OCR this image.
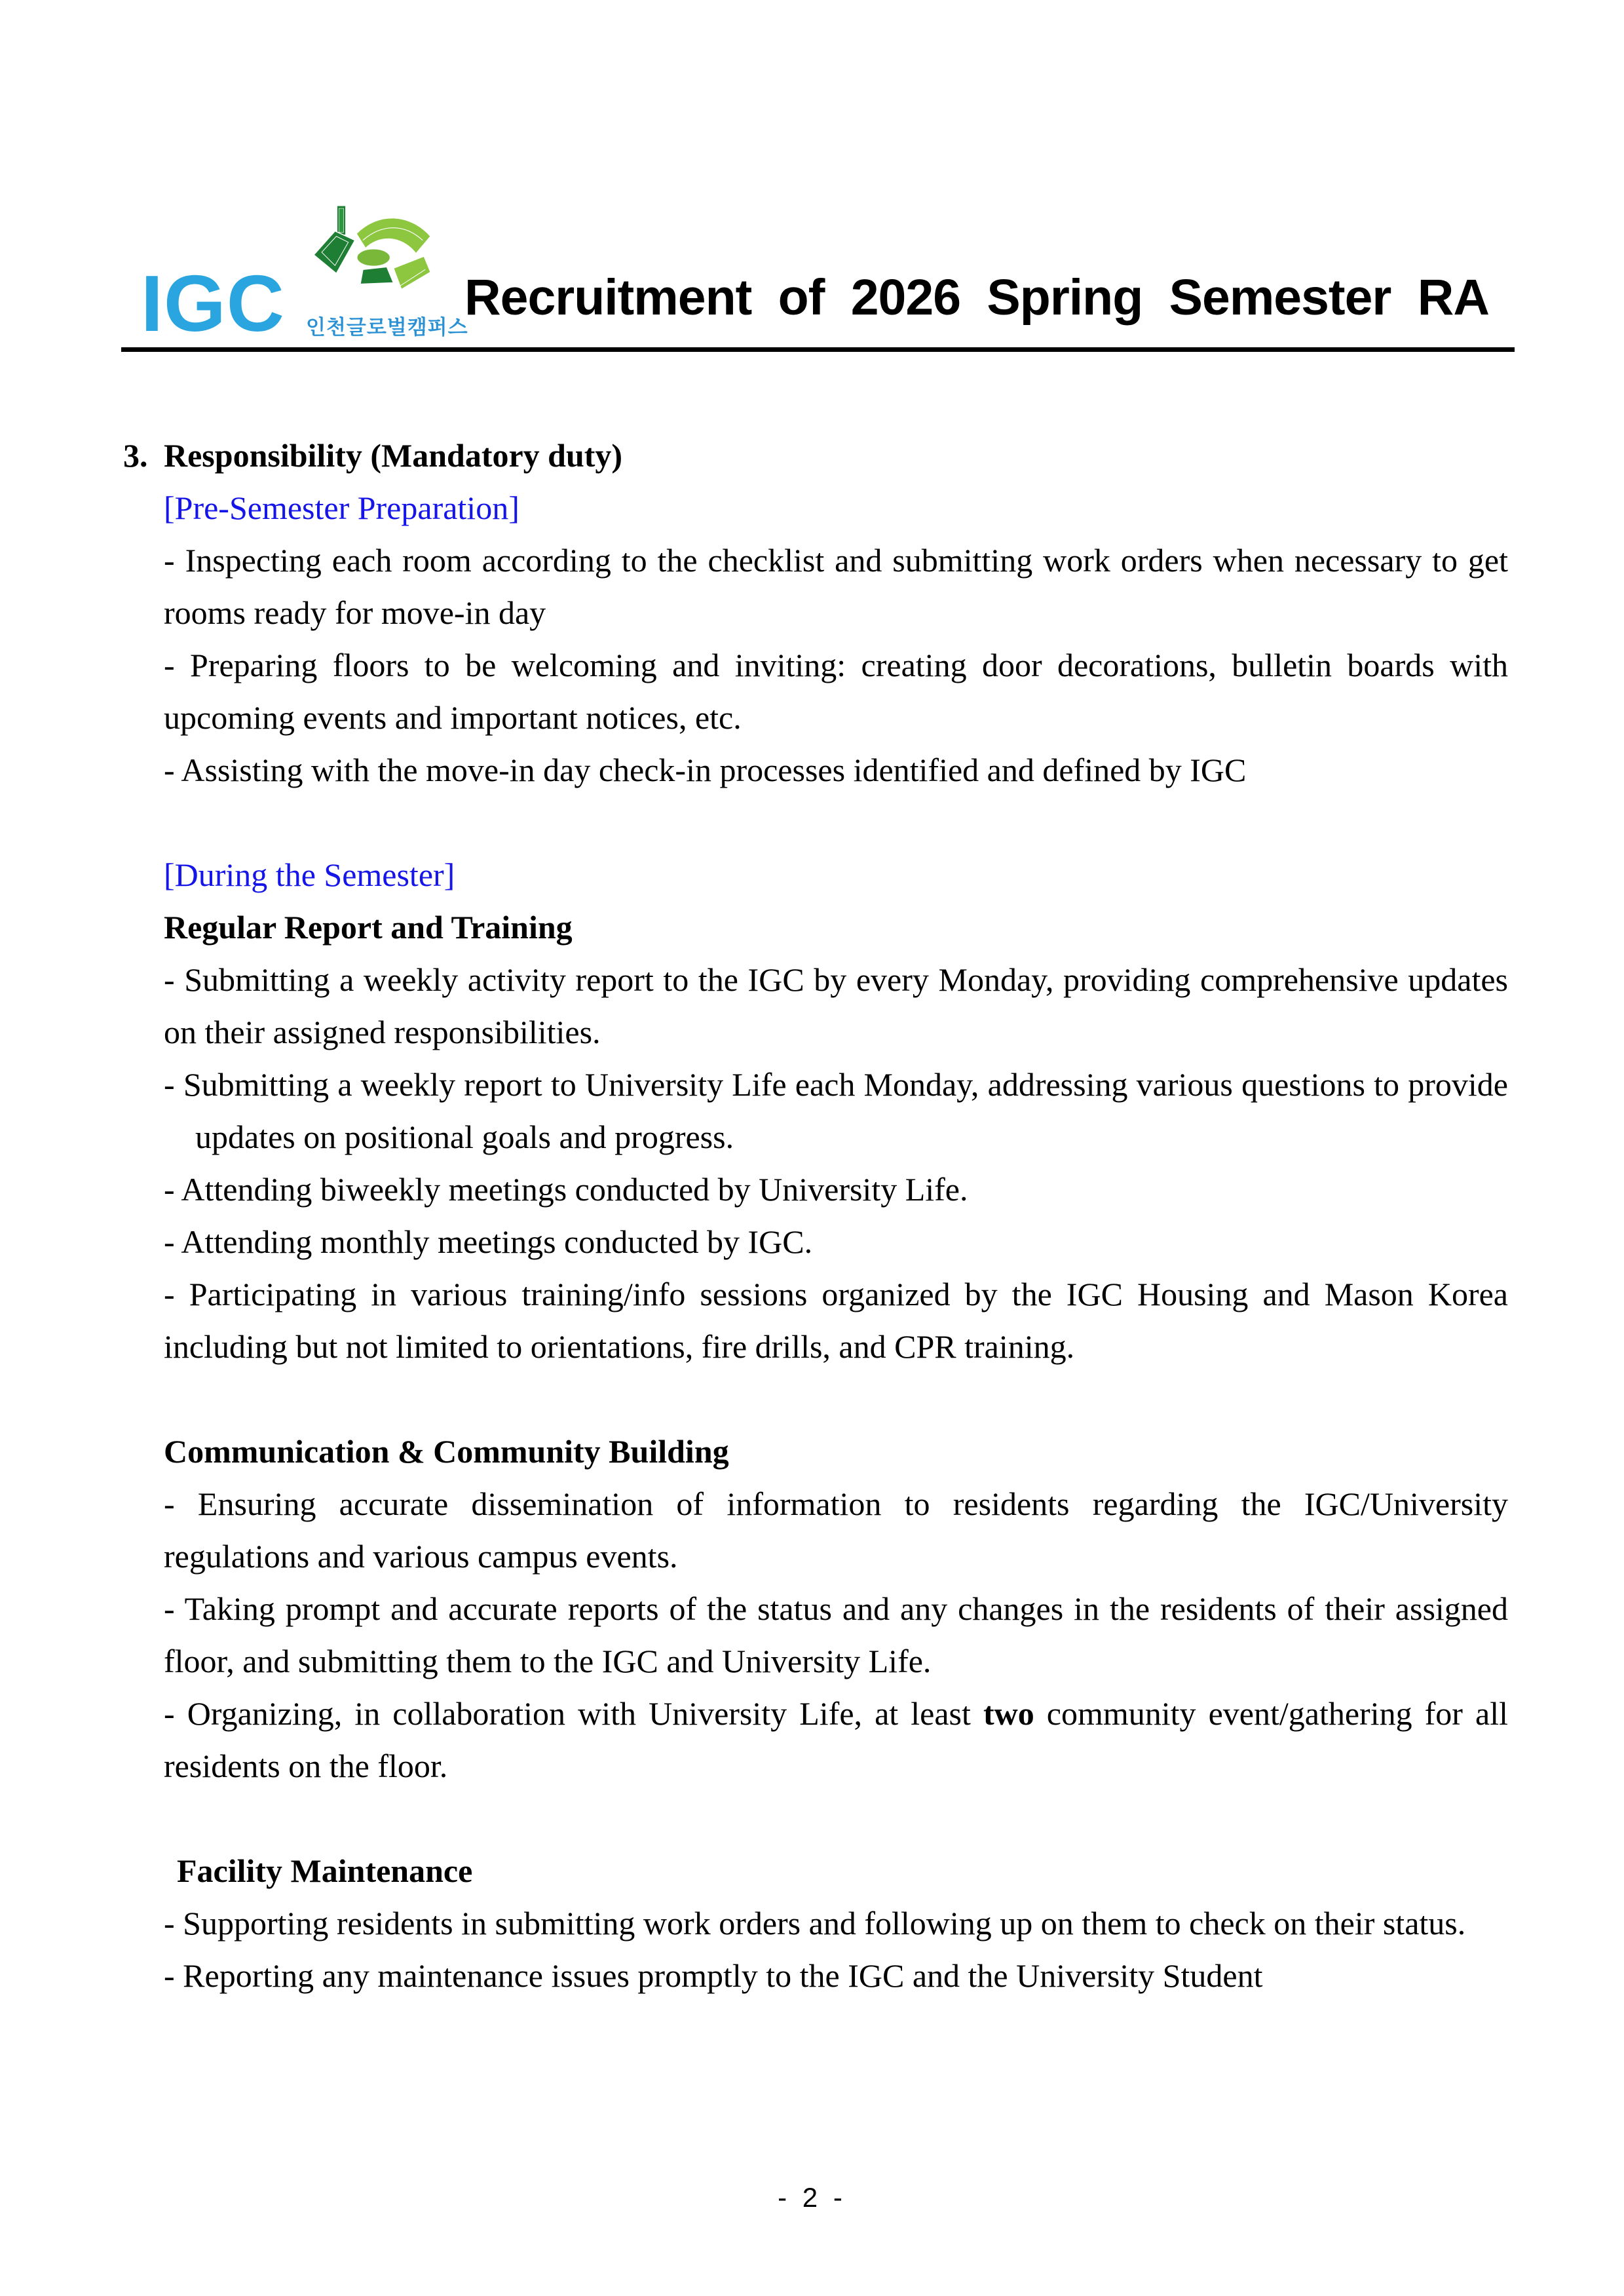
IGC 인천글로벌캠퍼스
Recruitment of 2026 Spring Semester RA

3. Responsibility (Mandatory duty)

[Pre-Semester Preparation]

- Inspecting each room according to the checklist and submitting work orders when necessary to get rooms ready for move-in day

- Preparing floors to be welcoming and inviting: creating door decorations, bulletin boards with upcoming events and important notices, etc.

- Assisting with the move-in day check-in processes identified and defined by IGC

[During the Semester]

Regular Report and Training

- Submitting a weekly activity report to the IGC by every Monday, providing comprehensive updates on their assigned responsibilities.

- Submitting a weekly report to University Life each Monday, addressing various questions to provide updates on positional goals and progress.

- Attending biweekly meetings conducted by University Life.

- Attending monthly meetings conducted by IGC.

- Participating in various training/info sessions organized by the IGC Housing and Mason Korea including but not limited to orientations, fire drills, and CPR training.

Communication & Community Building

- Ensuring accurate dissemination of information to residents regarding the IGC/University regulations and various campus events.

- Taking prompt and accurate reports of the status and any changes in the residents of their assigned floor, and submitting them to the IGC and University Life.

- Organizing, in collaboration with University Life, at least two community event/gathering for all residents on the floor.

Facility Maintenance

- Supporting residents in submitting work orders and following up on them to check on their status.

- Reporting any maintenance issues promptly to the IGC and the University Student

- 2 -
